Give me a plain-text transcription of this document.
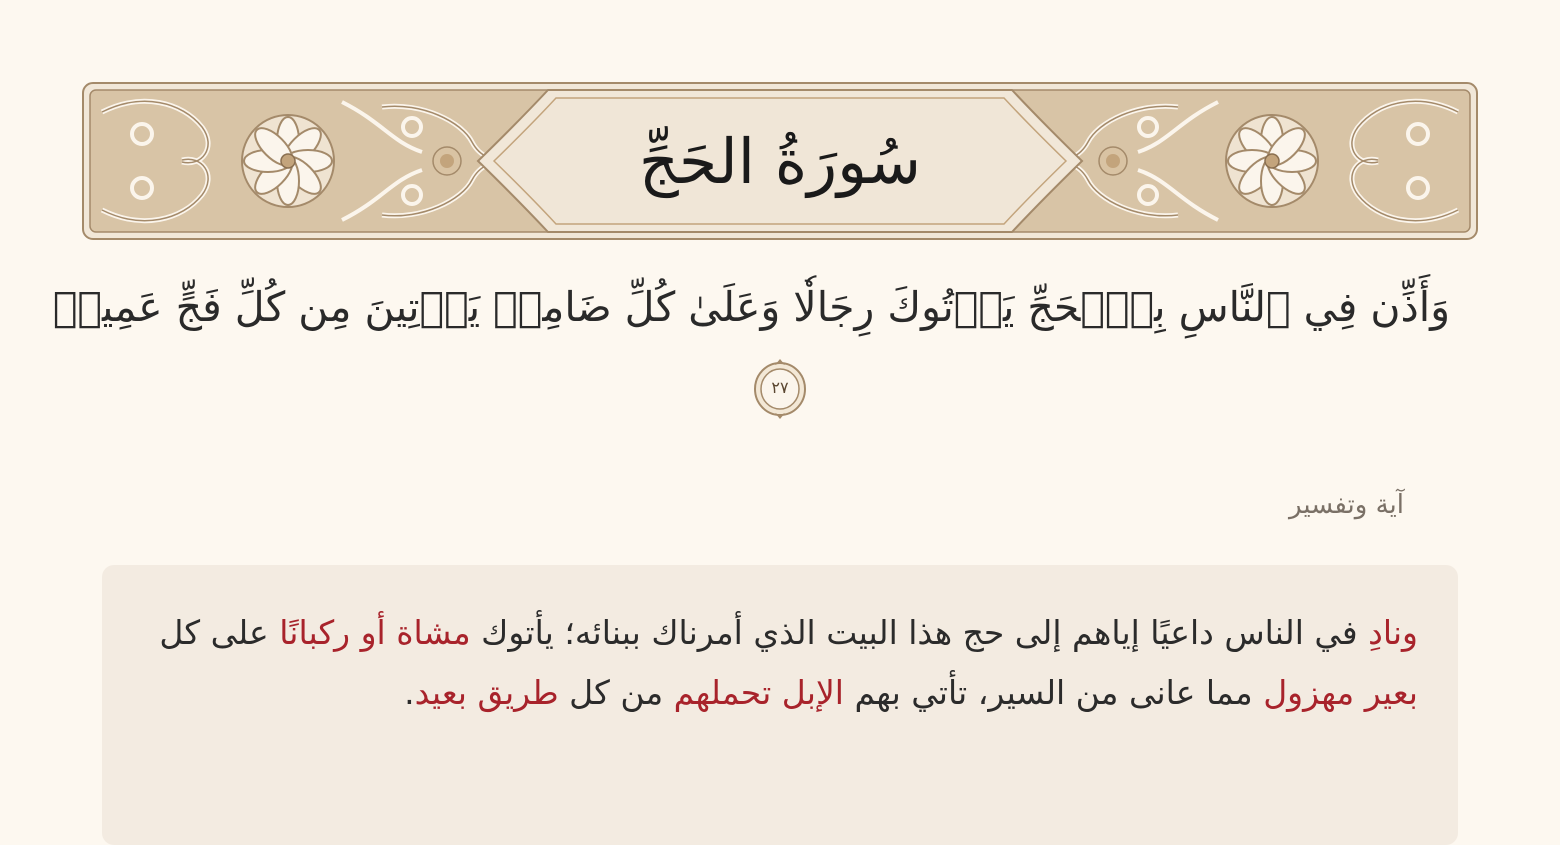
سُورَةُ الحَجِّ
وَأَذِّن فِي ٱلنَّاسِ بِٱلۡحَجِّ يَأۡتُوكَ رِجَالٗا وَعَلَىٰ كُلِّ ضَامِرٖ يَأۡتِينَ مِن كُلِّ فَجٍّ عَمِيقٖ
٢٧
آية وتفسير
ونادِ في الناس داعيًا إياهم إلى حج هذا البيت الذي أمرناك ببنائه؛ يأتوك مشاة أو ركبانًا على كل بعير مهزول مما عانى من السير، تأتي بهم الإبل تحملهم من كل طريق بعيد.
